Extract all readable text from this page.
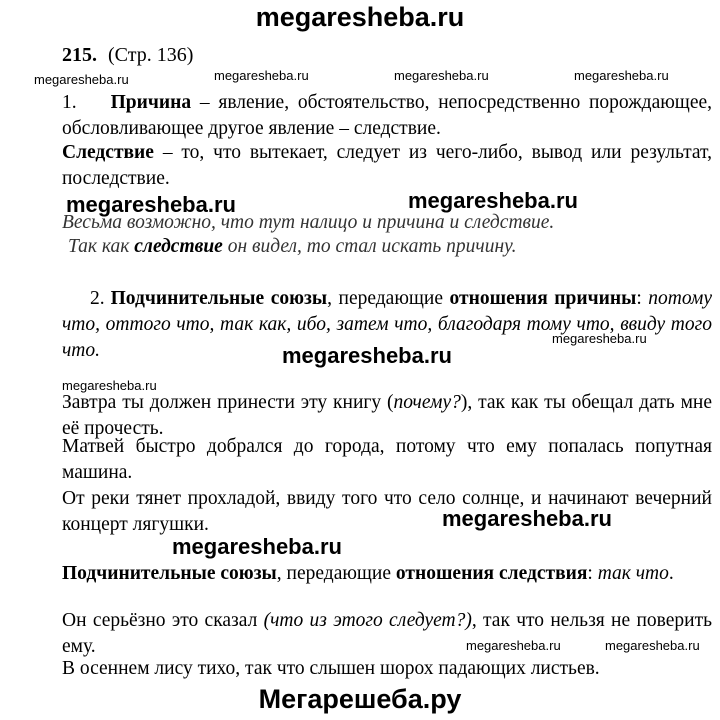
megaresheba.ru
215. (Стр. 136)
megaresheba.ru	megaresheba.ru	megaresheba.ru	megaresheba.ru
1. Причина – явление, обстоятельство, непосредственно порождающее, обсловливающее другое явление – следствие.
Следствие – то, что вытекает, следует из чего-либо, вывод или результат, последствие.
megaresheba.ru	megaresheba.ru
Весьма возможно, что тут налицо и причина и следствие.
Так как следствие он видел, то стал искать причину.
2. Подчинительные союзы, передающие отношения причины: потому что, оттого что, так как, ибо, затем что, благодаря тому что, ввиду того что.
megaresheba.ru
megaresheba.ru
megaresheba.ru
Завтра ты должен принести эту книгу (почему?), так как ты обещал дать мне её прочесть.
Матвей быстро добрался до города, потому что ему попалась попутная машина.
От реки тянет прохладой, ввиду того что село солнце, и начинают вечерний концерт лягушки.	megaresheba.ru
megaresheba.ru
Подчинительные союзы, передающие отношения следствия: так что.
Он серьёзно это сказал (что из этого следует?), так что нельзя не поверить ему.	megaresheba.ru	megaresheba.ru
В осеннем лису тихо, так что слышен шорох падающих листьев.
Мегарешеба.ру
